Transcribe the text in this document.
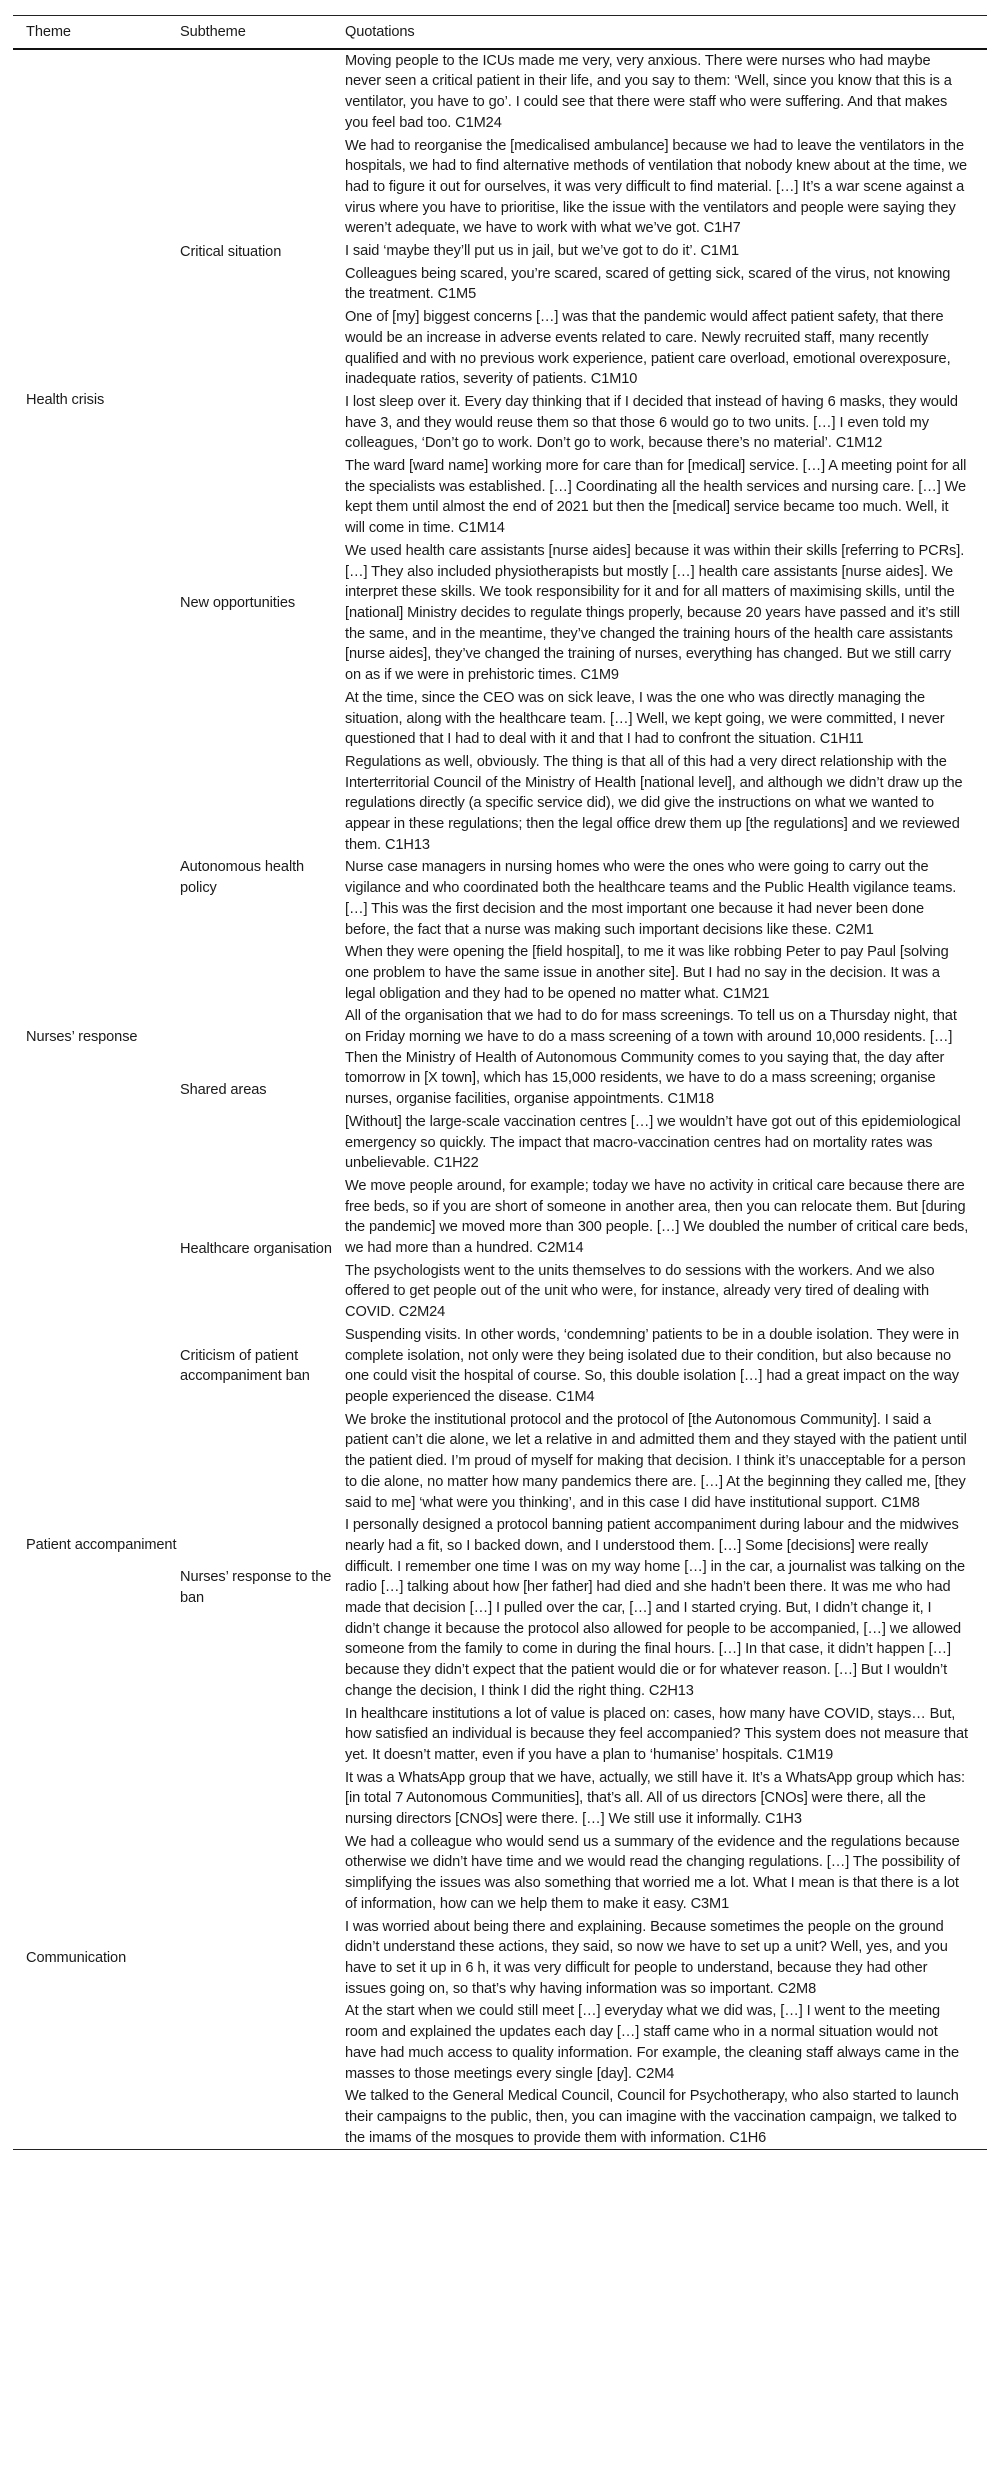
Theme	Subtheme	Quotations
Health crisis	Critical situation	Moving people to the ICUs made me very, very anxious. There were nurses who had maybe never seen a critical patient in their life, and you say to them: ‘Well, since you know that this is a ventilator, you have to go’. I could see that there were staff who were suffering. And that makes you feel bad too. C1M24
		We had to reorganise the [medicalised ambulance] because we had to leave the ventilators in the hospitals, we had to find alternative methods of ventilation that nobody knew about at the time, we had to figure it out for ourselves, it was very difficult to find material. […] It’s a war scene against a virus where you have to prioritise, like the issue with the ventilators and people were saying they weren’t adequate, we have to work with what we’ve got. C1H7
		I said ‘maybe they’ll put us in jail, but we’ve got to do it’. C1M1
		Colleagues being scared, you’re scared, scared of getting sick, scared of the virus, not knowing the treatment. C1M5
		One of [my] biggest concerns […] was that the pandemic would affect patient safety, that there would be an increase in adverse events related to care. Newly recruited staff, many recently qualified and with no previous work experience, patient care overload, emotional overexposure, inadequate ratios, severity of patients. C1M10
		I lost sleep over it. Every day thinking that if I decided that instead of having 6 masks, they would have 3, and they would reuse them so that those 6 would go to two units. […] I even told my colleagues, ‘Don’t go to work. Don’t go to work, because there’s no material’. C1M12
	New opportunities	The ward [ward name] working more for care than for [medical] service. […] A meeting point for all the specialists was established. […] Coordinating all the health services and nursing care. […] We kept them until almost the end of 2021 but then the [medical] service became too much. Well, it will come in time. C1M14
		We used health care assistants [nurse aides] because it was within their skills [referring to PCRs]. […] They also included physiotherapists but mostly […] health care assistants [nurse aides]. We interpret these skills. We took responsibility for it and for all matters of maximising skills, until the [national] Ministry decides to regulate things properly, because 20 years have passed and it’s still the same, and in the meantime, they’ve changed the training hours of the health care assistants [nurse aides], they’ve changed the training of nurses, everything has changed. But we still carry on as if we were in prehistoric times. C1M9
		At the time, since the CEO was on sick leave, I was the one who was directly managing the situation, along with the healthcare team. […] Well, we kept going, we were committed, I never questioned that I had to deal with it and that I had to confront the situation. C1H11
Nurses’ response	Autonomous health policy	Regulations as well, obviously. The thing is that all of this had a very direct relationship with the Interterritorial Council of the Ministry of Health [national level], and although we didn’t draw up the regulations directly (a specific service did), we did give the instructions on what we wanted to appear in these regulations; then the legal office drew them up [the regulations] and we reviewed them. C1H13
		Nurse case managers in nursing homes who were the ones who were going to carry out the vigilance and who coordinated both the healthcare teams and the Public Health vigilance teams. […] This was the first decision and the most important one because it had never been done before, the fact that a nurse was making such important decisions like these. C2M1
		When they were opening the [field hospital], to me it was like robbing Peter to pay Paul [solving one problem to have the same issue in another site]. But I had no say in the decision. It was a legal obligation and they had to be opened no matter what. C1M21
	Shared areas	All of the organisation that we had to do for mass screenings. To tell us on a Thursday night, that on Friday morning we have to do a mass screening of a town with around 10,000 residents. […] Then the Ministry of Health of Autonomous Community comes to you saying that, the day after tomorrow in [X town], which has 15,000 residents, we have to do a mass screening; organise nurses, organise facilities, organise appointments. C1M18
		[Without] the large-scale vaccination centres […] we wouldn’t have got out of this epidemiological emergency so quickly. The impact that macro-vaccination centres had on mortality rates was unbelievable. C1H22
	Healthcare organisation	We move people around, for example; today we have no activity in critical care because there are free beds, so if you are short of someone in another area, then you can relocate them. But [during the pandemic] we moved more than 300 people. […] We doubled the number of critical care beds, we had more than a hundred. C2M14
		The psychologists went to the units themselves to do sessions with the workers. And we also offered to get people out of the unit who were, for instance, already very tired of dealing with COVID. C2M24
Patient accompaniment	Criticism of patient accompaniment ban	Suspending visits. In other words, ‘condemning’ patients to be in a double isolation. They were in complete isolation, not only were they being isolated due to their condition, but also because no one could visit the hospital of course. So, this double isolation […] had a great impact on the way people experienced the disease. C1M4
	Nurses’ response to the ban	We broke the institutional protocol and the protocol of [the Autonomous Community]. I said a patient can’t die alone, we let a relative in and admitted them and they stayed with the patient until the patient died. I’m proud of myself for making that decision. I think it’s unacceptable for a person to die alone, no matter how many pandemics there are. […] At the beginning they called me, [they said to me] ‘what were you thinking’, and in this case I did have institutional support. C1M8
		I personally designed a protocol banning patient accompaniment during labour and the midwives nearly had a fit, so I backed down, and I understood them. […] Some [decisions] were really difficult. I remember one time I was on my way home […] in the car, a journalist was talking on the radio […] talking about how [her father] had died and she hadn’t been there. It was me who had made that decision […] I pulled over the car, […] and I started crying. But, I didn’t change it, I didn’t change it because the protocol also allowed for people to be accompanied, […] we allowed someone from the family to come in during the final hours. […] In that case, it didn’t happen […] because they didn’t expect that the patient would die or for whatever reason. […] But I wouldn’t change the decision, I think I did the right thing. C2H13
		In healthcare institutions a lot of value is placed on: cases, how many have COVID, stays… But, how satisfied an individual is because they feel accompanied? This system does not measure that yet. It doesn’t matter, even if you have a plan to ‘humanise’ hospitals. C1M19
Communication		It was a WhatsApp group that we have, actually, we still have it. It’s a WhatsApp group which has: [in total 7 Autonomous Communities], that’s all. All of us directors [CNOs] were there, all the nursing directors [CNOs] were there. […] We still use it informally. C1H3
		We had a colleague who would send us a summary of the evidence and the regulations because otherwise we didn’t have time and we would read the changing regulations. […] The possibility of simplifying the issues was also something that worried me a lot. What I mean is that there is a lot of information, how can we help them to make it easy. C3M1
		I was worried about being there and explaining. Because sometimes the people on the ground didn’t understand these actions, they said, so now we have to set up a unit? Well, yes, and you have to set it up in 6 h, it was very difficult for people to understand, because they had other issues going on, so that’s why having information was so important. C2M8
		At the start when we could still meet […] everyday what we did was, […] I went to the meeting room and explained the updates each day […] staff came who in a normal situation would not have had much access to quality information. For example, the cleaning staff always came in the masses to those meetings every single [day]. C2M4
		We talked to the General Medical Council, Council for Psychotherapy, who also started to launch their campaigns to the public, then, you can imagine with the vaccination campaign, we talked to the imams of the mosques to provide them with information. C1H6
